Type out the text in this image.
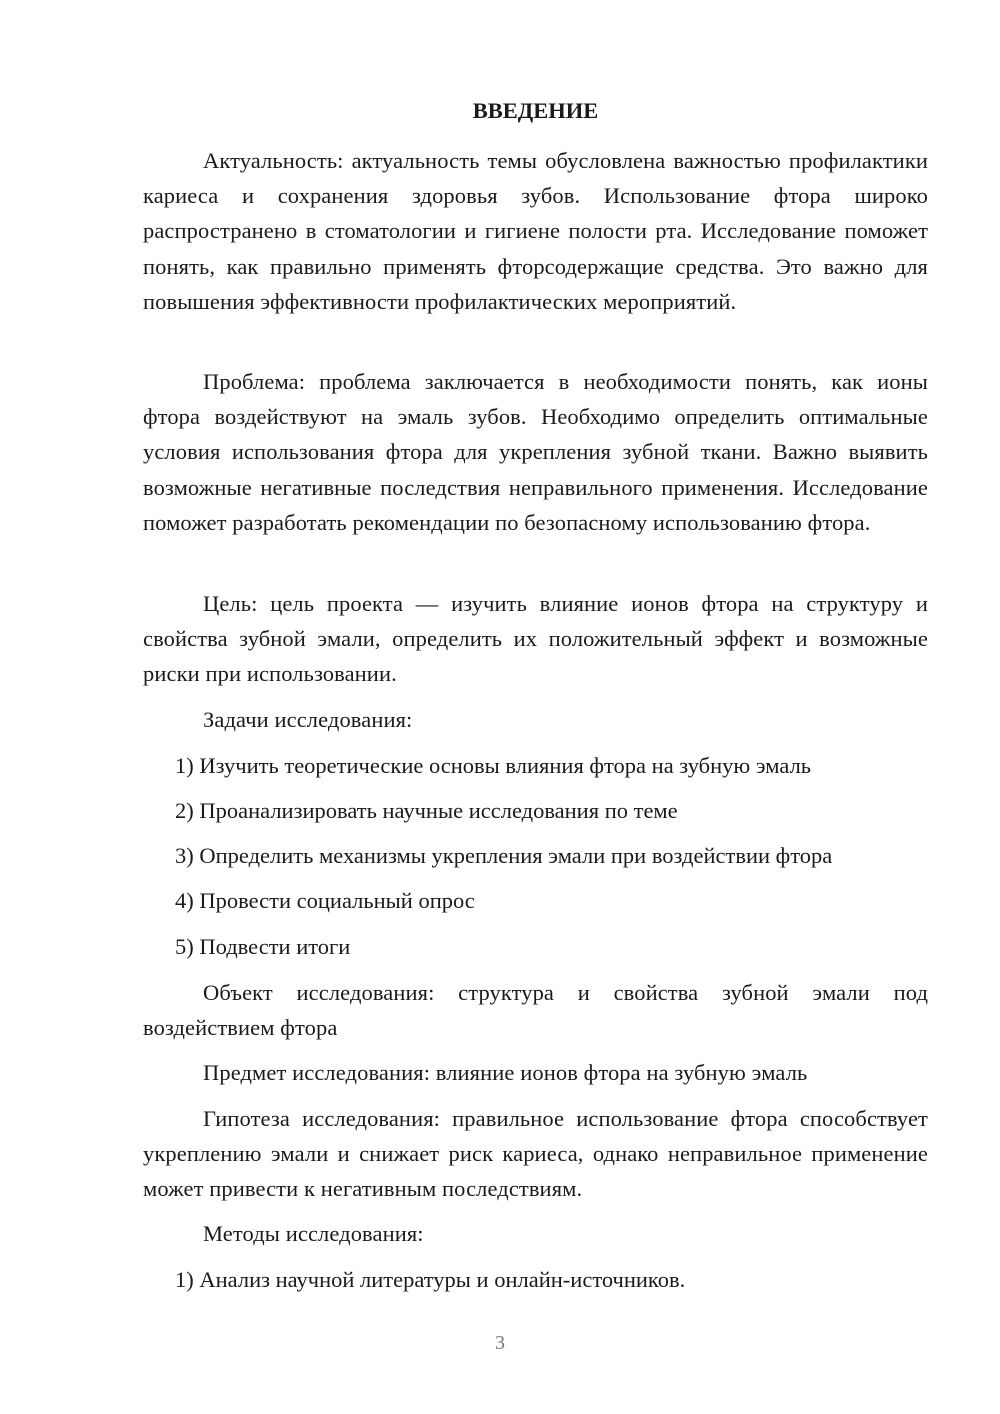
ВВЕДЕНИЕ

Актуальность: актуальность темы обусловлена важностью профилактики кариеса и сохранения здоровья зубов. Использование фтора широко распространено в стоматологии и гигиене полости рта. Исследование поможет понять, как правильно применять фторсодержащие средства. Это важно для повышения эффективности профилактических мероприятий.

Проблема: проблема заключается в необходимости понять, как ионы фтора воздействуют на эмаль зубов. Необходимо определить оптимальные условия использования фтора для укрепления зубной ткани. Важно выявить возможные негативные последствия неправильного применения. Исследование поможет разработать рекомендации по безопасному использованию фтора.

Цель: цель проекта — изучить влияние ионов фтора на структуру и свойства зубной эмали, определить их положительный эффект и возможные риски при использовании.

Задачи исследования:

1) Изучить теоретические основы влияния фтора на зубную эмаль

2) Проанализировать научные исследования по теме

3) Определить механизмы укрепления эмали при воздействии фтора

4) Провести социальный опрос

5) Подвести итоги

Объект исследования: структура и свойства зубной эмали под воздействием фтора

Предмет исследования: влияние ионов фтора на зубную эмаль

Гипотеза исследования: правильное использование фтора способствует укреплению эмали и снижает риск кариеса, однако неправильное применение может привести к негативным последствиям.

Методы исследования:

1) Анализ научной литературы и онлайн-источников.

3
